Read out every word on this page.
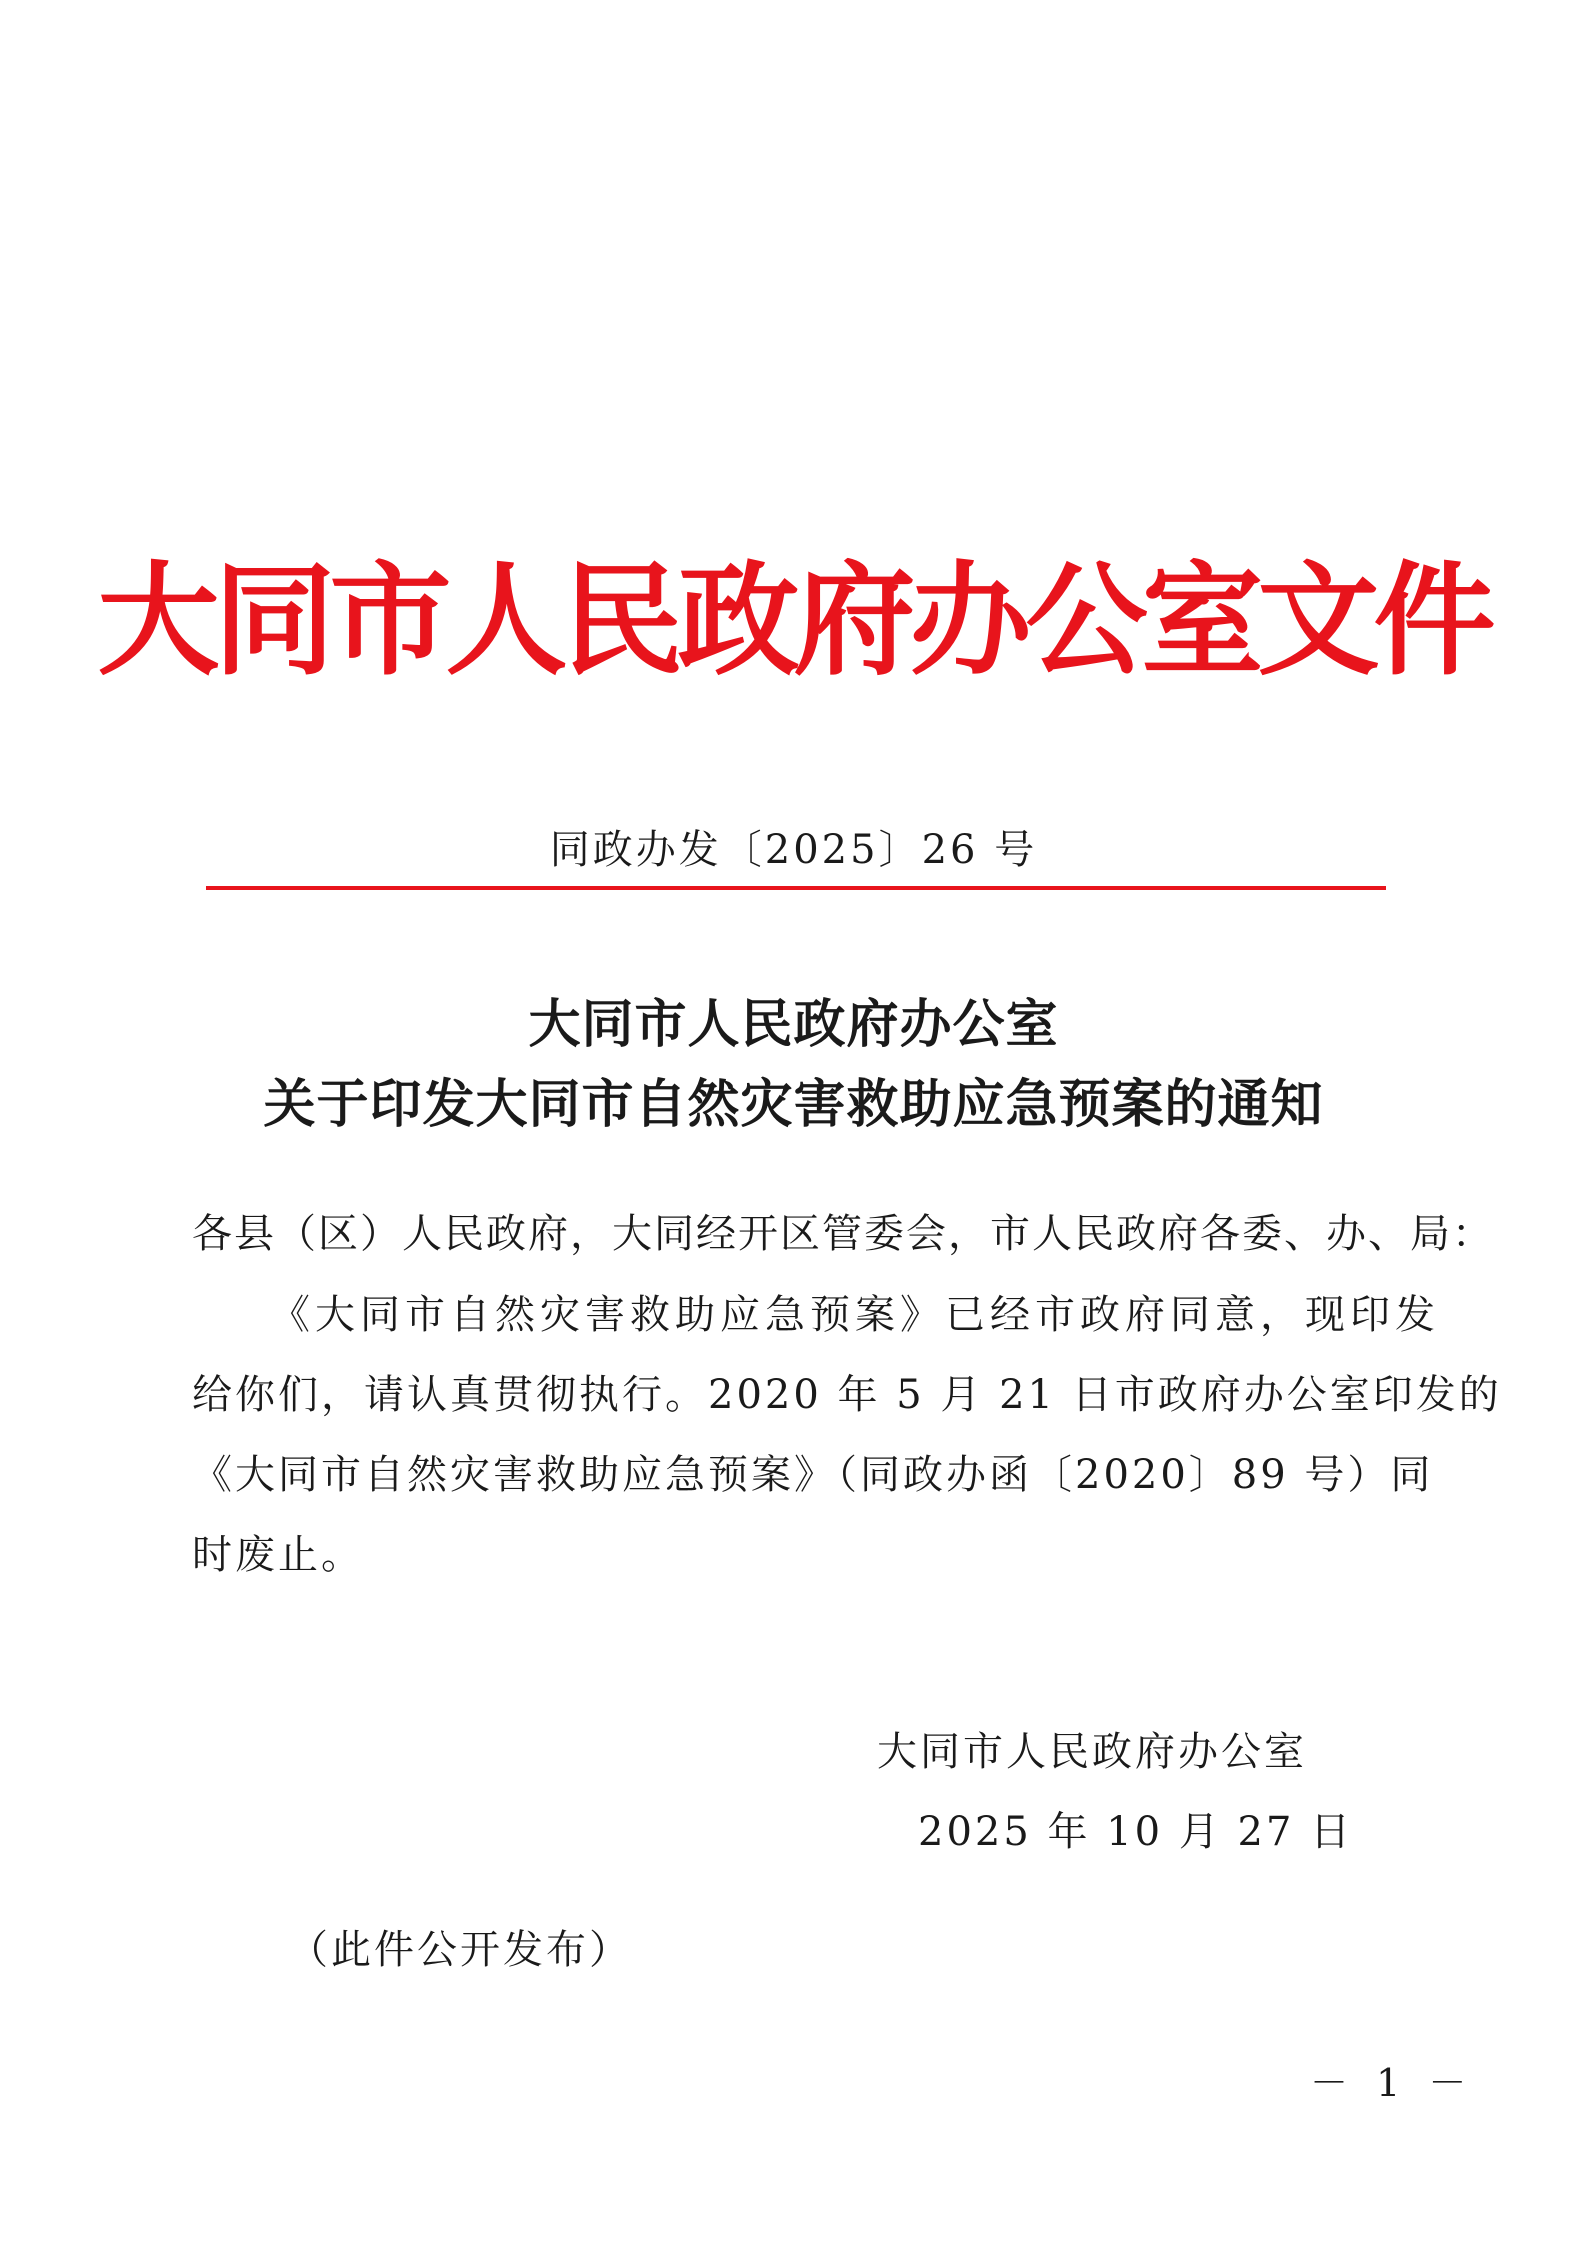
大同市人民政府办公室文件
同政办发〔2025〕26 号
大同市人民政府办公室
关于印发大同市自然灾害救助应急预案的通知
各县（区）人民政府，大同经开区管委会，市人民政府各委、办、局：
《大同市自然灾害救助应急预案》已经市政府同意，现印发
给你们，请认真贯彻执行。2020 年 5 月 21 日市政府办公室印发的
《大同市自然灾害救助应急预案》（同政办函〔2020〕89 号）同
时废止。
大同市人民政府办公室
2025 年 10 月 27 日
（此件公开发布）
－ 1 －
